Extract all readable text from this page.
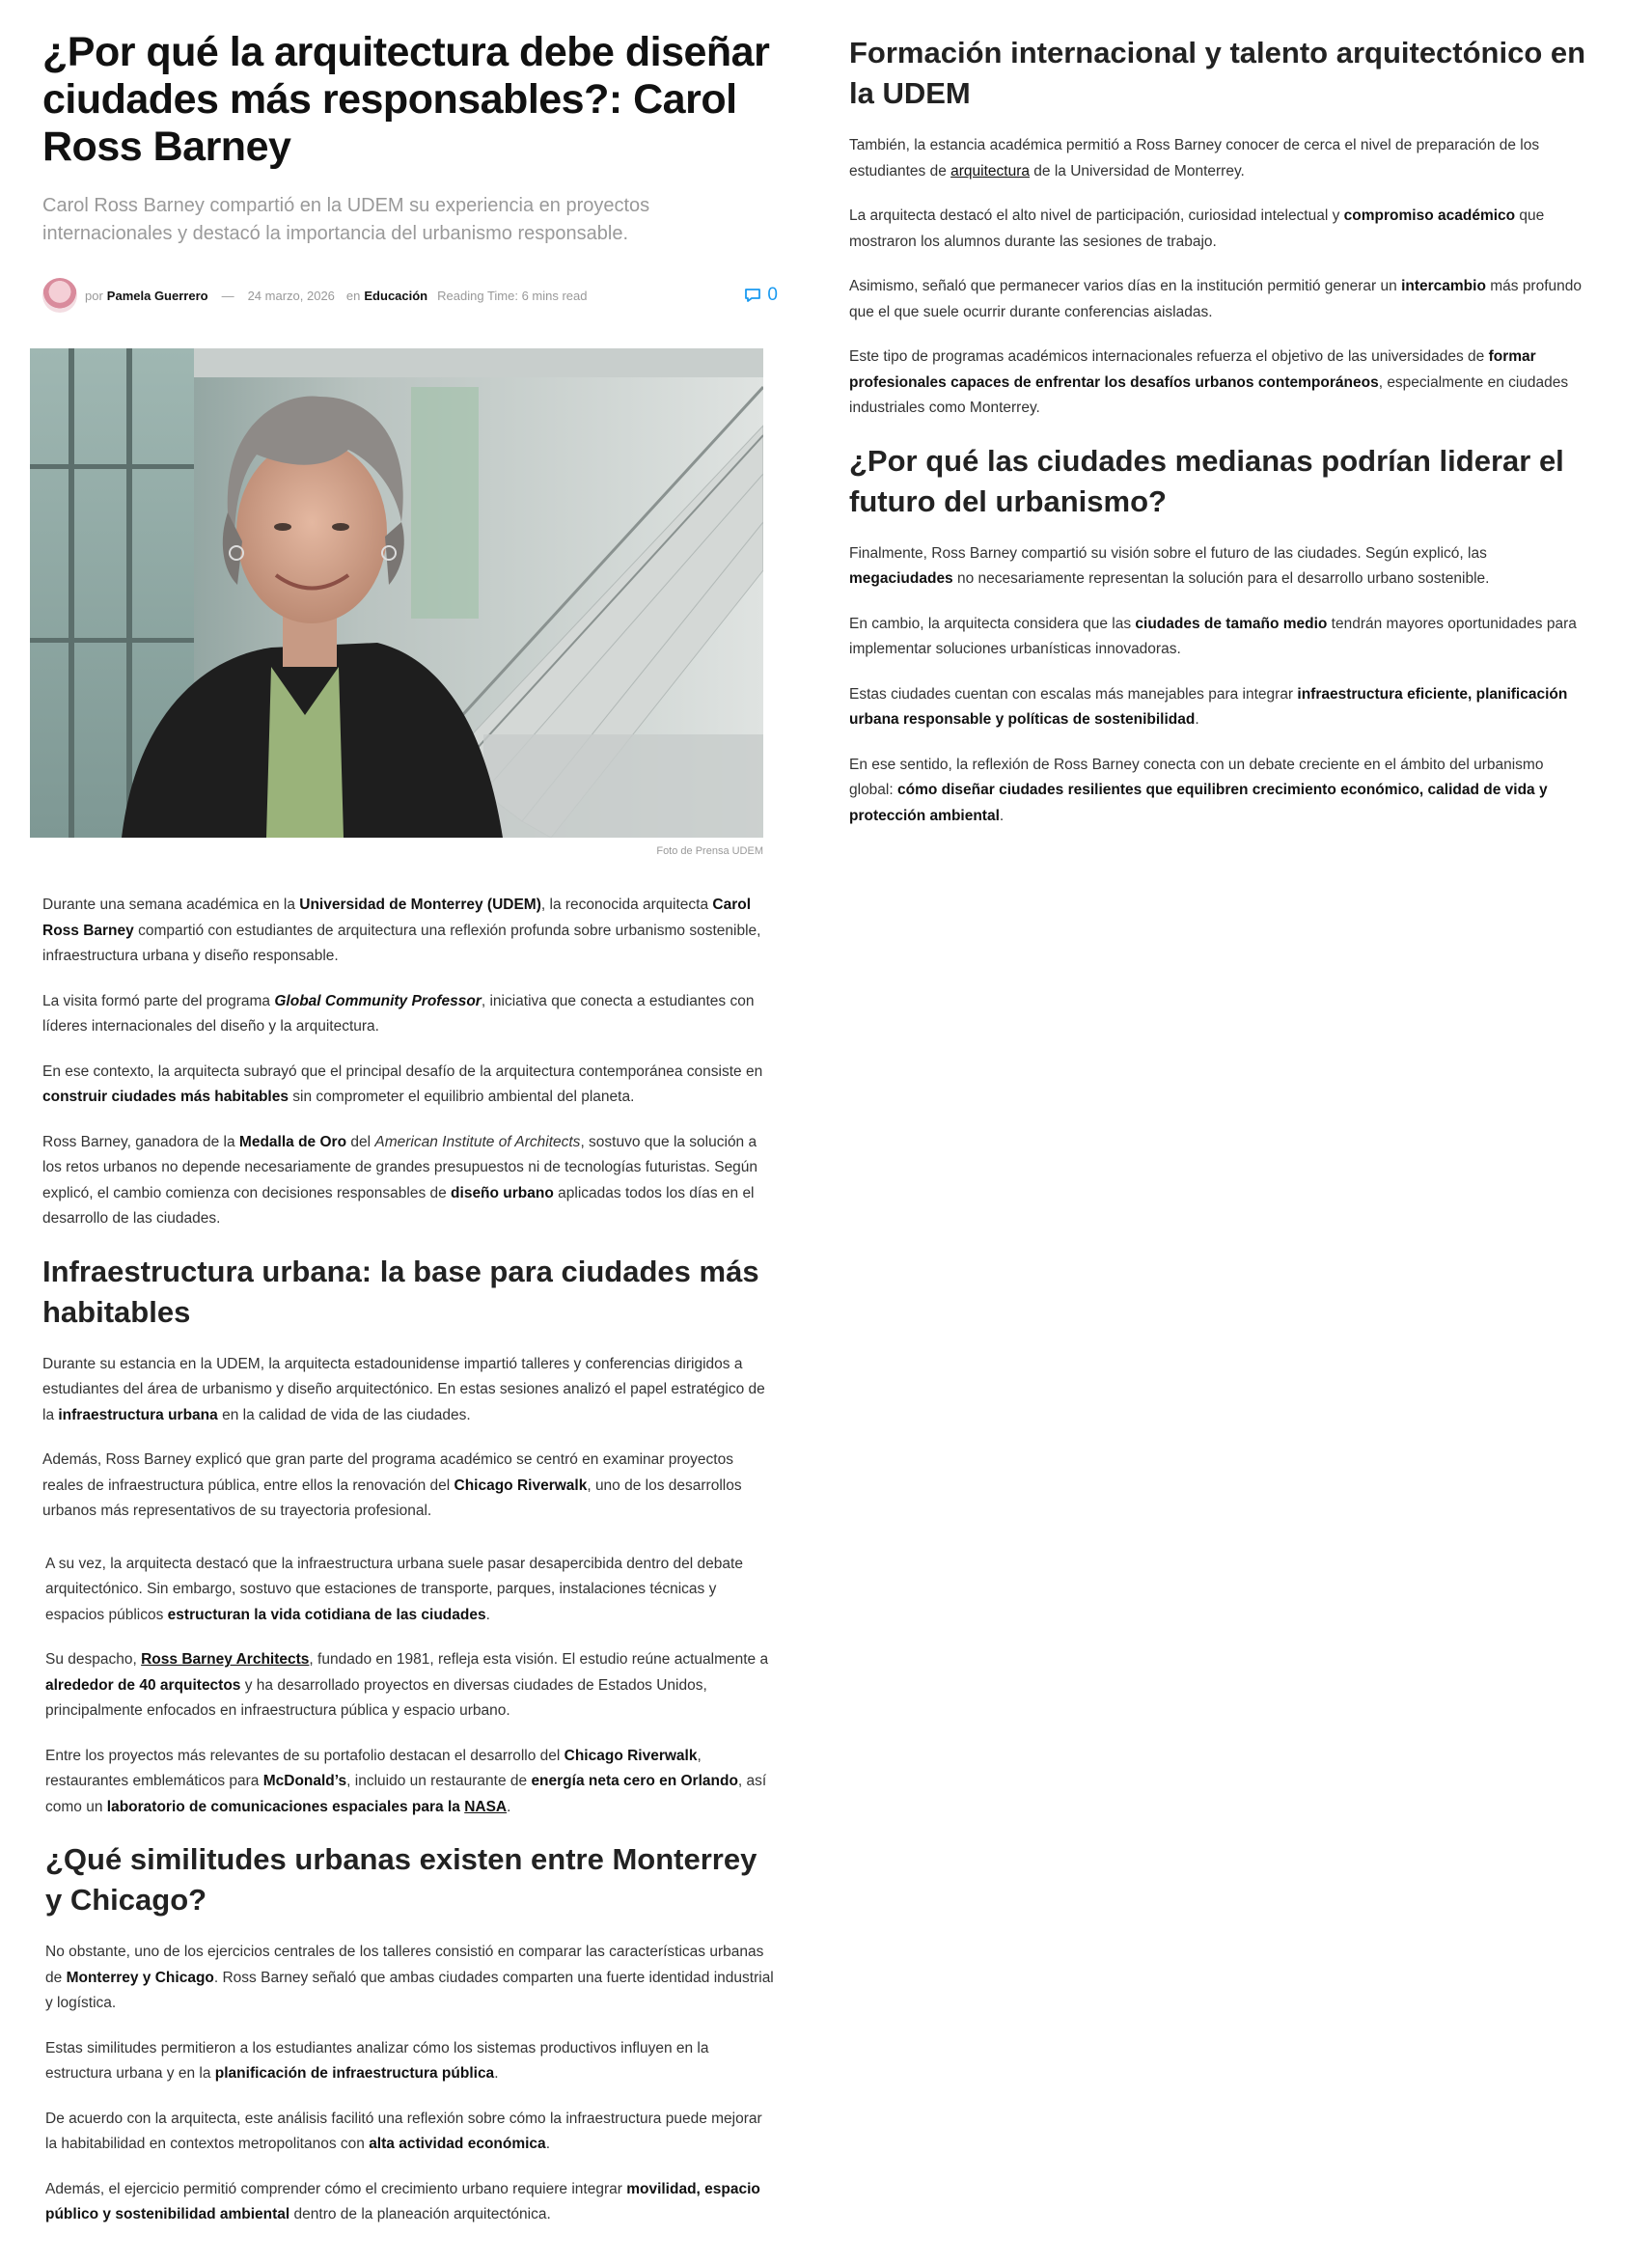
¿Por qué la arquitectura debe diseñar ciudades más responsables?: Carol Ross Barney
Carol Ross Barney compartió en la UDEM su experiencia en proyectos internacionales y destacó la importancia del urbanismo responsable.
por Pamela Guerrero — 24 marzo, 2026 en Educación Reading Time: 6 mins read	0
Foto de Prensa UDEM

Durante una semana académica en la Universidad de Monterrey (UDEM), la reconocida arquitecta Carol Ross Barney compartió con estudiantes de arquitectura una reflexión profunda sobre urbanismo sostenible, infraestructura urbana y diseño responsable.

La visita formó parte del programa Global Community Professor, iniciativa que conecta a estudiantes con líderes internacionales del diseño y la arquitectura.

En ese contexto, la arquitecta subrayó que el principal desafío de la arquitectura contemporánea consiste en construir ciudades más habitables sin comprometer el equilibrio ambiental del planeta.

Ross Barney, ganadora de la Medalla de Oro del American Institute of Architects, sostuvo que la solución a los retos urbanos no depende necesariamente de grandes presupuestos ni de tecnologías futuristas. Según explicó, el cambio comienza con decisiones responsables de diseño urbano aplicadas todos los días en el desarrollo de las ciudades.

Infraestructura urbana: la base para ciudades más habitables

Durante su estancia en la UDEM, la arquitecta estadounidense impartió talleres y conferencias dirigidos a estudiantes del área de urbanismo y diseño arquitectónico. En estas sesiones analizó el papel estratégico de la infraestructura urbana en la calidad de vida de las ciudades.

Además, Ross Barney explicó que gran parte del programa académico se centró en examinar proyectos reales de infraestructura pública, entre ellos la renovación del Chicago Riverwalk, uno de los desarrollos urbanos más representativos de su trayectoria profesional.

A su vez, la arquitecta destacó que la infraestructura urbana suele pasar desapercibida dentro del debate arquitectónico. Sin embargo, sostuvo que estaciones de transporte, parques, instalaciones técnicas y espacios públicos estructuran la vida cotidiana de las ciudades.

Su despacho, Ross Barney Architects, fundado en 1981, refleja esta visión. El estudio reúne actualmente a alrededor de 40 arquitectos y ha desarrollado proyectos en diversas ciudades de Estados Unidos, principalmente enfocados en infraestructura pública y espacio urbano.

Entre los proyectos más relevantes de su portafolio destacan el desarrollo del Chicago Riverwalk, restaurantes emblemáticos para McDonald’s, incluido un restaurante de energía neta cero en Orlando, así como un laboratorio de comunicaciones espaciales para la NASA.

¿Qué similitudes urbanas existen entre Monterrey y Chicago?

No obstante, uno de los ejercicios centrales de los talleres consistió en comparar las características urbanas de Monterrey y Chicago. Ross Barney señaló que ambas ciudades comparten una fuerte identidad industrial y logística.

Estas similitudes permitieron a los estudiantes analizar cómo los sistemas productivos influyen en la estructura urbana y en la planificación de infraestructura pública.

De acuerdo con la arquitecta, este análisis facilitó una reflexión sobre cómo la infraestructura puede mejorar la habitabilidad en contextos metropolitanos con alta actividad económica.

Además, el ejercicio permitió comprender cómo el crecimiento urbano requiere integrar movilidad, espacio público y sostenibilidad ambiental dentro de la planeación arquitectónica.

Formación internacional y talento arquitectónico en la UDEM

También, la estancia académica permitió a Ross Barney conocer de cerca el nivel de preparación de los estudiantes de arquitectura de la Universidad de Monterrey.

La arquitecta destacó el alto nivel de participación, curiosidad intelectual y compromiso académico que mostraron los alumnos durante las sesiones de trabajo.

Asimismo, señaló que permanecer varios días en la institución permitió generar un intercambio más profundo que el que suele ocurrir durante conferencias aisladas.

Este tipo de programas académicos internacionales refuerza el objetivo de las universidades de formar profesionales capaces de enfrentar los desafíos urbanos contemporáneos, especialmente en ciudades industriales como Monterrey.

¿Por qué las ciudades medianas podrían liderar el futuro del urbanismo?

Finalmente, Ross Barney compartió su visión sobre el futuro de las ciudades. Según explicó, las megaciudades no necesariamente representan la solución para el desarrollo urbano sostenible.

En cambio, la arquitecta considera que las ciudades de tamaño medio tendrán mayores oportunidades para implementar soluciones urbanísticas innovadoras.

Estas ciudades cuentan con escalas más manejables para integrar infraestructura eficiente, planificación urbana responsable y políticas de sostenibilidad.

En ese sentido, la reflexión de Ross Barney conecta con un debate creciente en el ámbito del urbanismo global: cómo diseñar ciudades resilientes que equilibren crecimiento económico, calidad de vida y protección ambiental.
